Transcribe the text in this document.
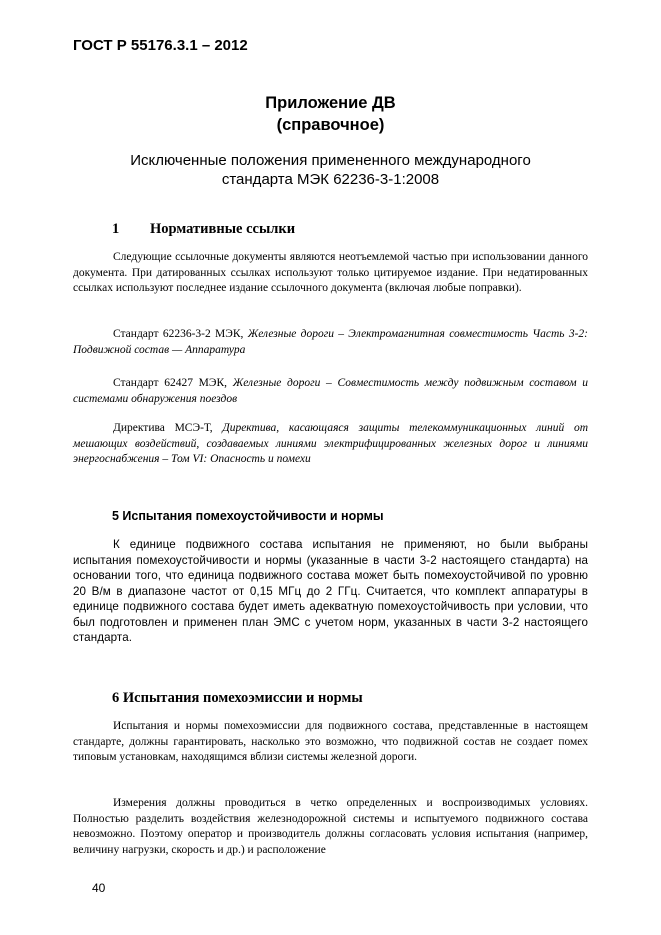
ГОСТ Р 55176.3.1 – 2012
Приложение ДВ
(справочное)
Исключенные положения примененного международного
стандарта МЭК 62236-3-1:2008
1 Нормативные ссылки

Следующие ссылочные документы являются неотъемлемой частью при использовании данного документа. При датированных ссылках используют только цитируемое издание. При недатированных ссылках используют последнее издание ссылочного документа (включая любые поправки).

Стандарт 62236-3-2 МЭК, Железные дороги – Электромагнитная совместимость Часть 3-2: Подвижной состав — Аппаратура

Стандарт 62427 МЭК, Железные дороги – Совместимость между подвижным составом и системами обнаружения поездов

Директива МСЭ-Т, Директива, касающаяся защиты телекоммуникационных линий от мешающих воздействий, создаваемых линиями электрифицированных железных дорог и линиями энергоснабжения – Том VI: Опасность и помехи

5 Испытания помехоустойчивости и нормы

К единице подвижного состава испытания не применяют, но были выбраны испытания помехоустойчивости и нормы (указанные в части 3-2 настоящего стандарта) на основании того, что единица подвижного состава может быть помехоустойчивой по уровню 20 В/м в диапазоне частот от 0,15 МГц до 2 ГГц. Считается, что комплект аппаратуры в единице подвижного состава будет иметь адекватную помехоустойчивость при условии, что был подготовлен и применен план ЭМС с учетом норм, указанных в части 3-2 настоящего стандарта.

6 Испытания помехоэмиссии и нормы

Испытания и нормы помехоэмиссии для подвижного состава, представленные в настоящем стандарте, должны гарантировать, насколько это возможно, что подвижной состав не создает помех типовым установкам, находящимся вблизи системы железной дороги.

Измерения должны проводиться в четко определенных и воспроизводимых условиях. Полностью разделить воздействия железнодорожной системы и испытуемого подвижного состава невозможно. Поэтому оператор и производитель должны согласовать условия испытания (например, величину нагрузки, скорость и др.) и расположение

40
